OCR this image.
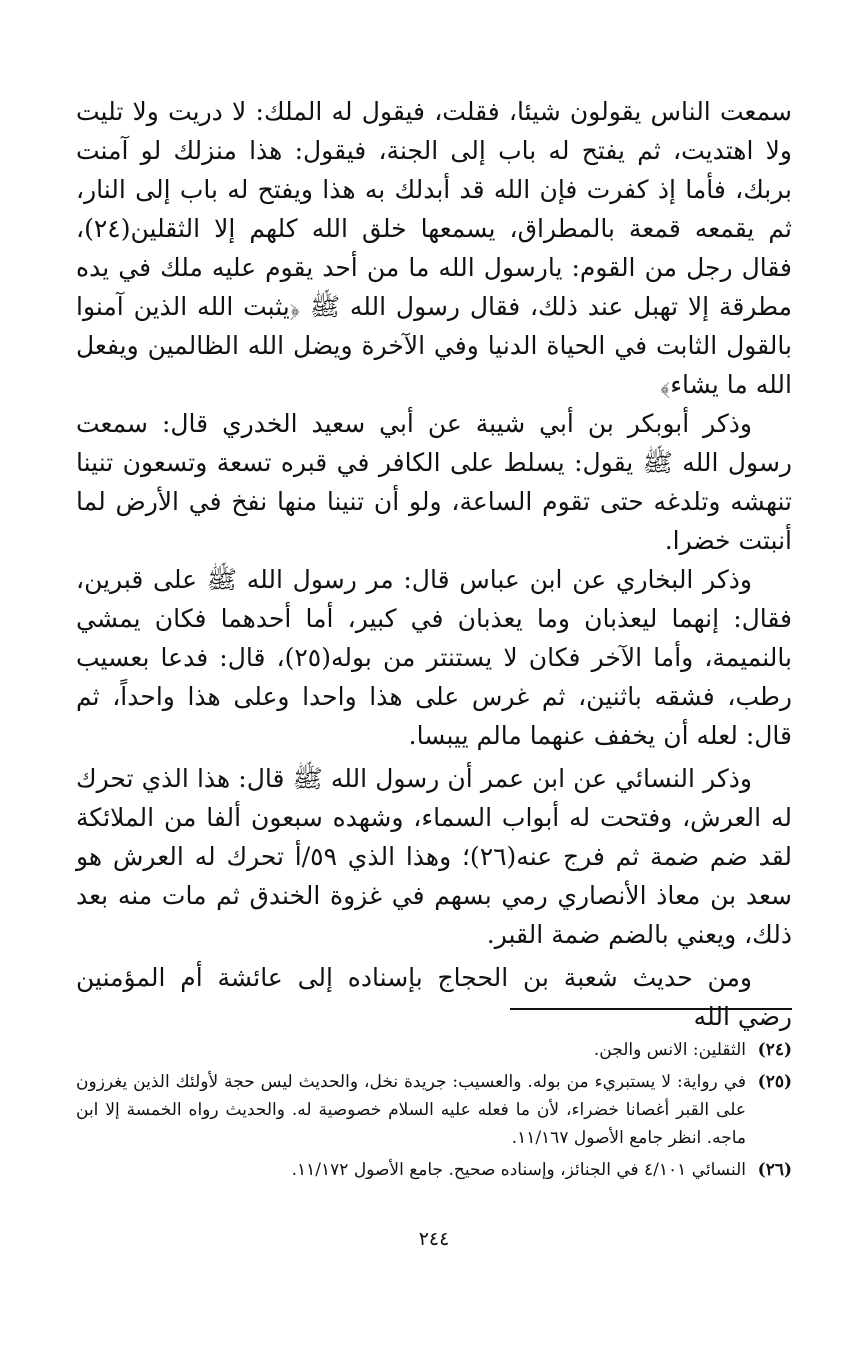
سمعت الناس يقولون شيئا، فقلت، فيقول له الملك: لا دريت ولا تليت ولا اهتديت، ثم يفتح له باب إلى الجنة، فيقول: هذا منزلك لو آمنت بربك، فأما إذ كفرت فإن الله قد أبدلك به هذا ويفتح له باب إلى النار، ثم يقمعه قمعة بالمطراق، يسمعها خلق الله كلهم إلا الثقلين(٢٤)، فقال رجل من القوم: يارسول الله ما من أحد يقوم عليه ملك في يده مطرقة إلا تهبل عند ذلك، فقال رسول الله ﷺ ﴿يثبت الله الذين آمنوا بالقول الثابت في الحياة الدنيا وفي الآخرة ويضل الله الظالمين ويفعل الله ما يشاء﴾

وذكر أبوبكر بن أبي شيبة عن أبي سعيد الخدري قال: سمعت رسول الله ﷺ يقول: يسلط على الكافر في قبره تسعة وتسعون تنينا تنهشه وتلدغه حتى تقوم الساعة، ولو أن تنينا منها نفخ في الأرض لما أنبتت خضرا.

وذكر البخاري عن ابن عباس قال: مر رسول الله ﷺ على قبرين، فقال: إنهما ليعذبان وما يعذبان في كبير، أما أحدهما فكان يمشي بالنميمة، وأما الآخر فكان لا يستنتر من بوله(٢٥)، قال: فدعا بعسيب رطب، فشقه باثنين، ثم غرس على هذا واحدا وعلى هذا واحداً، ثم قال: لعله أن يخفف عنهما مالم ييبسا.

وذكر النسائي عن ابن عمر أن رسول الله ﷺ قال: هذا الذي تحرك له العرش، وفتحت له أبواب السماء، وشهده سبعون ألفا من الملائكة لقد ضم ضمة ثم فرج عنه(٢٦)؛ وهذا الذي ٥٩/أ تحرك له العرش هو سعد بن معاذ الأنصاري رمي بسهم في غزوة الخندق ثم مات منه بعد ذلك، ويعني بالضم ضمة القبر.

ومن حديث شعبة بن الحجاج بإسناده إلى عائشة أم المؤمنين رضي الله

(٢٤)
الثقلين: الانس والجن.
(٢٥)
في رواية: لا يستبريء من بوله. والعسيب: جريدة نخل، والحديث ليس حجة لأولئك الذين يغرزون على القبر أغصانا خضراء، لأن ما فعله عليه السلام خصوصية له. والحديث رواه الخمسة إلا ابن ماجه. انظر جامع الأصول ١١/١٦٧.
(٢٦)
النسائي ٤/١٠١ في الجنائز، وإسناده صحيح. جامع الأصول ١١/١٧٢.
٢٤٤
